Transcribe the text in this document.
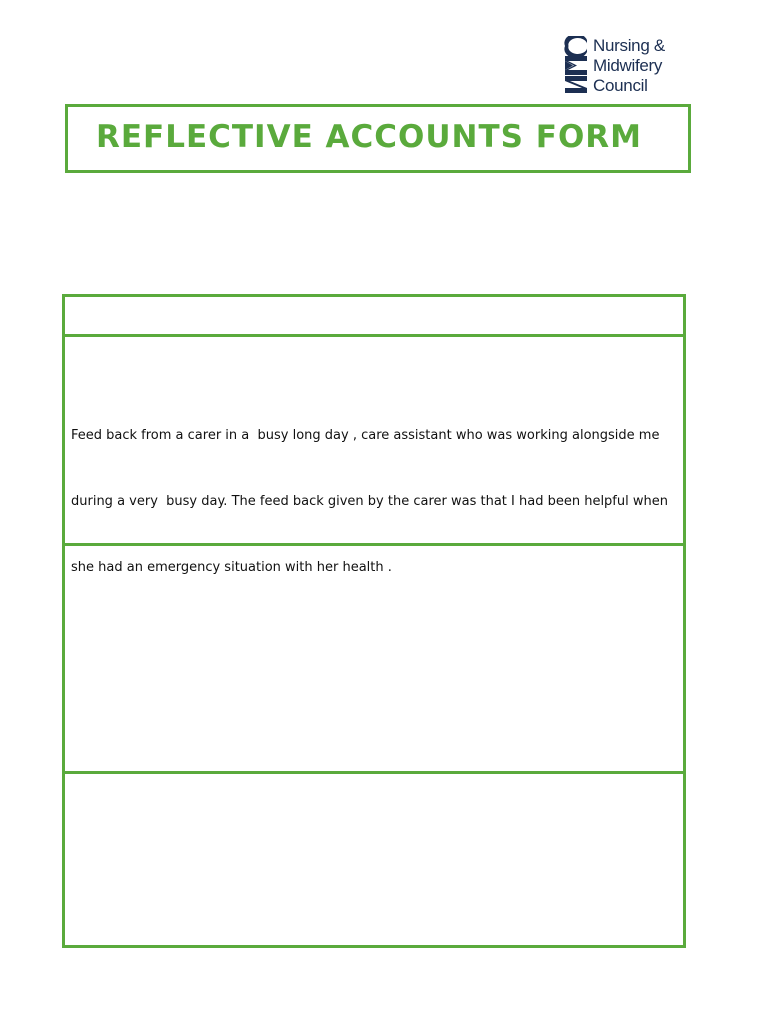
Nursing &
Midwifery
Council
REFLECTIVE ACCOUNTS FORM

Feed back from a carer in a  busy long day , care assistant who was working alongside me

during a very  busy day. The feed back given by the carer was that I had been helpful when

she had an emergency situation with her health .
